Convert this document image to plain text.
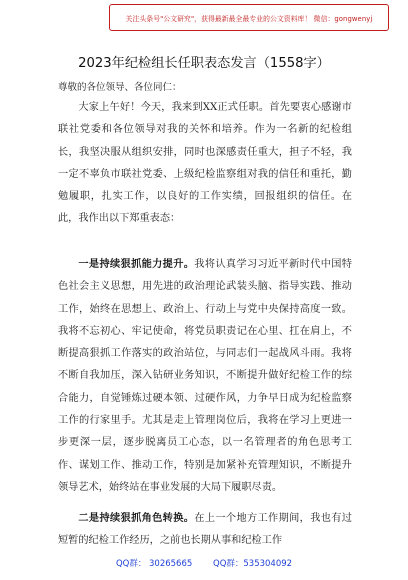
关注头条号"公文研究"，获得最新最全最专业的公文资料库！ 微信：gongwenyj
2023年纪检组长任职表态发言（1558字）
尊敬的各位领导、各位同仁：

大家上午好！今天，我来到XX正式任职。首先要衷心感谢市联社党委和各位领导对我的关怀和培养。作为一名新的纪检组长，我坚决服从组织安排，同时也深感责任重大，担子不轻，我一定不辜负市联社党委、上级纪检监察组对我的信任和重托，勤勉履职，扎实工作，以良好的工作实绩，回报组织的信任。在此，我作出以下郑重表态：

一是持续狠抓能力提升。我将认真学习习近平新时代中国特色社会主义思想，用先进的政治理论武装头脑、指导实践、推动工作，始终在思想上、政治上、行动上与党中央保持高度一致。我将不忘初心、牢记使命，将党员职责记在心里、扛在肩上，不断提高狠抓工作落实的政治站位，与同志们一起战风斗雨。我将不断自我加压，深入钻研业务知识，不断提升做好纪检工作的综合能力，自觉锤炼过硬本领、过硬作风，力争早日成为纪检监察工作的行家里手。尤其是走上管理岗位后，我将在学习上更进一步更深一层，逐步脱离员工心态，以一名管理者的角色思考工作、谋划工作、推动工作，特别是加紧补充管理知识，不断提升领导艺术，始终站在事业发展的大局下履职尽责。

二是持续狠抓角色转换。在上一个地方工作期间，我也有过短暂的纪检工作经历，之前也长期从事和纪检工作

QQ群： 30265665 QQ群：535304092
